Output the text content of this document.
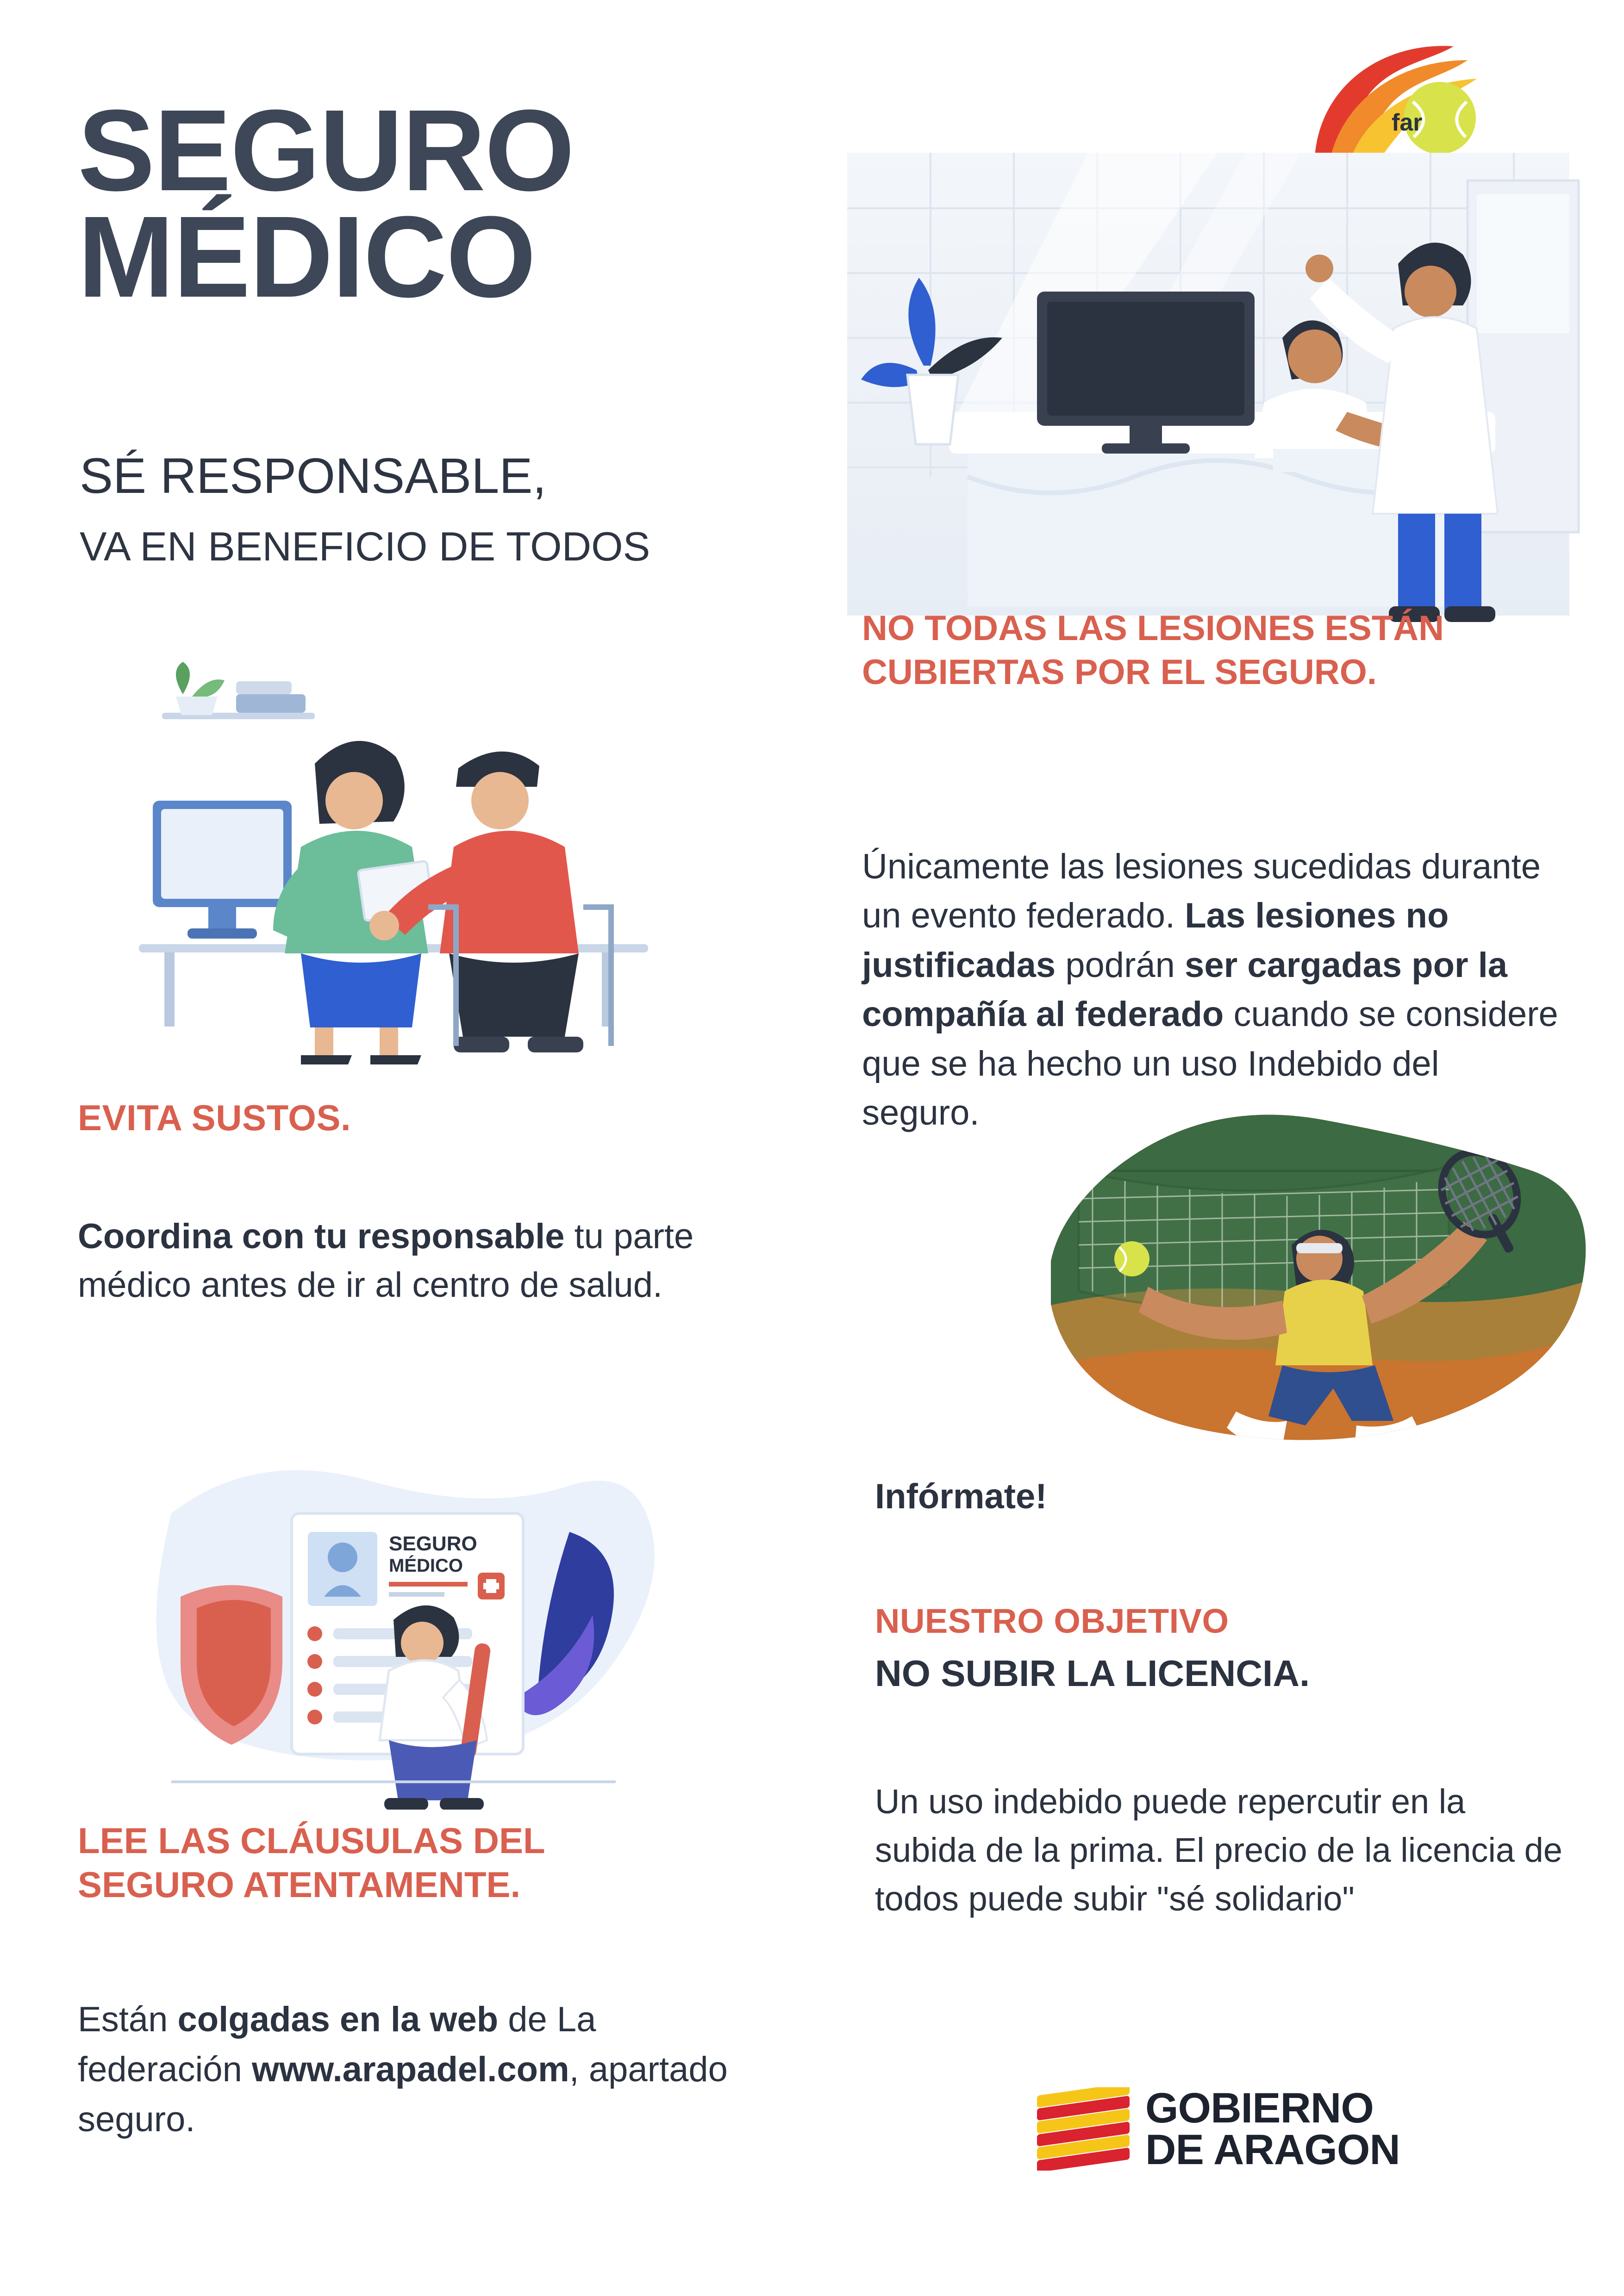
far
SEGURO
MÉDICO
SÉ RESPONSABLE,
VA EN BENEFICIO DE TODOS
EVITA SUSTOS.
Coordina con tu responsable tu parte médico antes de ir al centro de salud.
SEGURO
MÉDICO
LEE LAS CLÁUSULAS DEL
SEGURO ATENTAMENTE.
Están colgadas en la web de La federación www.arapadel.com, apartado seguro.
NO TODAS LAS LESIONES ESTÁN CUBIERTAS POR EL SEGURO.
Únicamente las lesiones sucedidas durante un evento federado. Las lesiones no justificadas podrán ser cargadas por la compañía al federado cuando se considere que se ha hecho un uso Indebido del seguro.
Infórmate!
NUESTRO OBJETIVO
NO SUBIR LA LICENCIA.
Un uso indebido puede repercutir en la subida de la prima. El precio de la licencia de todos puede subir "sé solidario"
GOBIERNO
DE ARAGON
